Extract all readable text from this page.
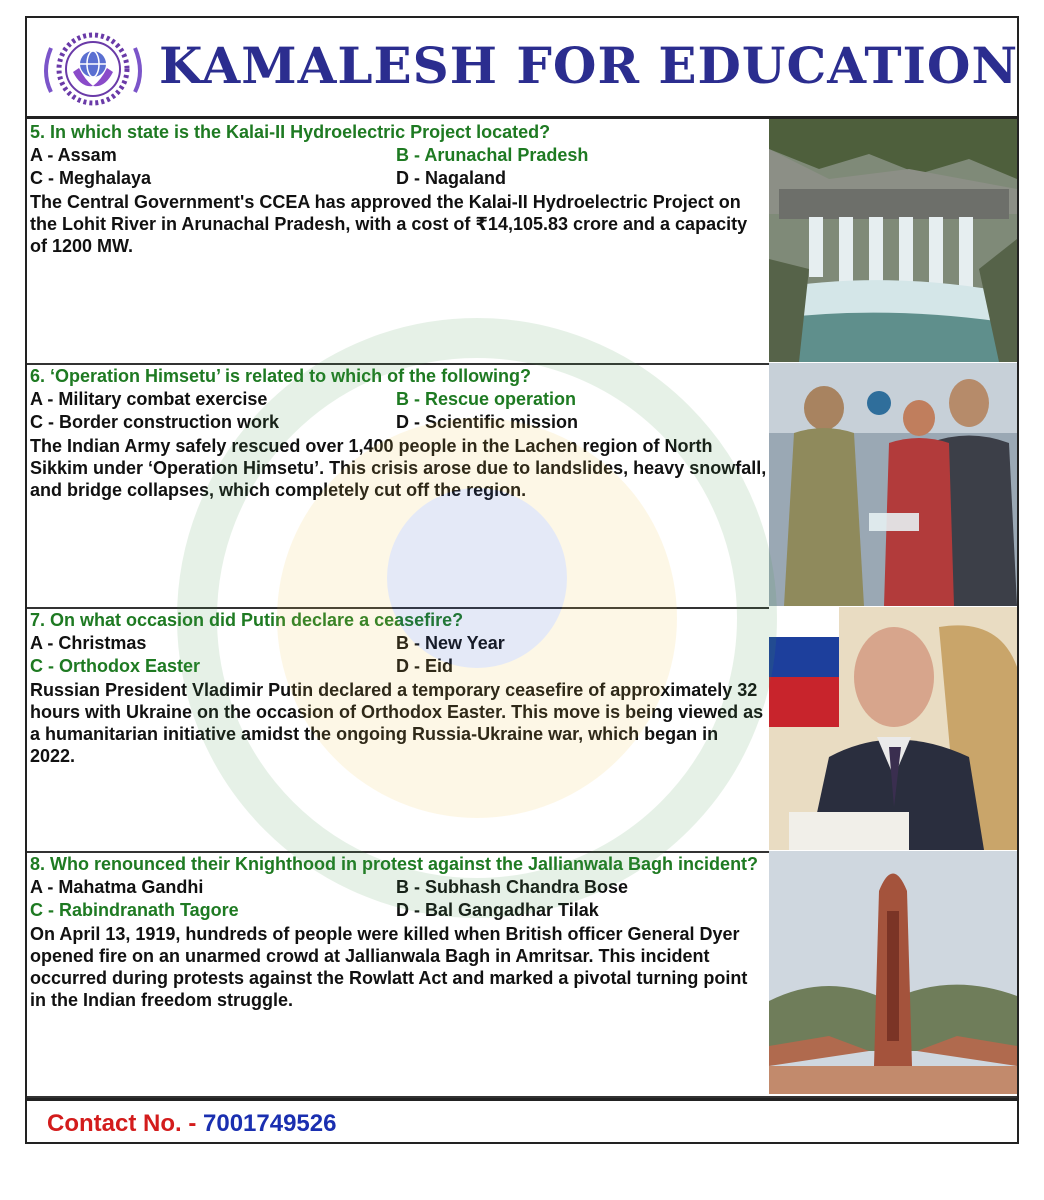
KAMALESH FOR EDUCATION
5. In which state is the Kalai-II Hydroelectric Project located?
A - Assam	B - Arunachal Pradesh
C - Meghalaya	D - Nagaland
The Central Government's CCEA has approved the Kalai-II Hydroelectric Project on the Lohit River in Arunachal Pradesh, with a cost of ₹14,105.83 crore and a capacity of 1200 MW.
6. ‘Operation Himsetu’ is related to which of the following?
A - Military combat exercise	B - Rescue operation
C - Border construction work	D - Scientific mission
The Indian Army safely rescued over 1,400 people in the Lachen region of North Sikkim under ‘Operation Himsetu’. This crisis arose due to landslides, heavy snowfall, and bridge collapses, which completely cut off the region.
7. On what occasion did Putin declare a ceasefire?
A - Christmas	B - New Year
C - Orthodox Easter	D - Eid
Russian President Vladimir Putin declared a temporary ceasefire of approximately 32 hours with Ukraine on the occasion of Orthodox Easter. This move is being viewed as a humanitarian initiative amidst the ongoing Russia-Ukraine war, which began in 2022.
8. Who renounced their Knighthood in protest against the Jallianwala Bagh incident?
A - Mahatma Gandhi	B - Subhash Chandra Bose
C - Rabindranath Tagore	D - Bal Gangadhar Tilak
On April 13, 1919, hundreds of people were killed when British officer General Dyer opened fire on an unarmed crowd at Jallianwala Bagh in Amritsar. This incident occurred during protests against the Rowlatt Act and marked a pivotal turning point in the Indian freedom struggle.
Contact No. - 7001749526
